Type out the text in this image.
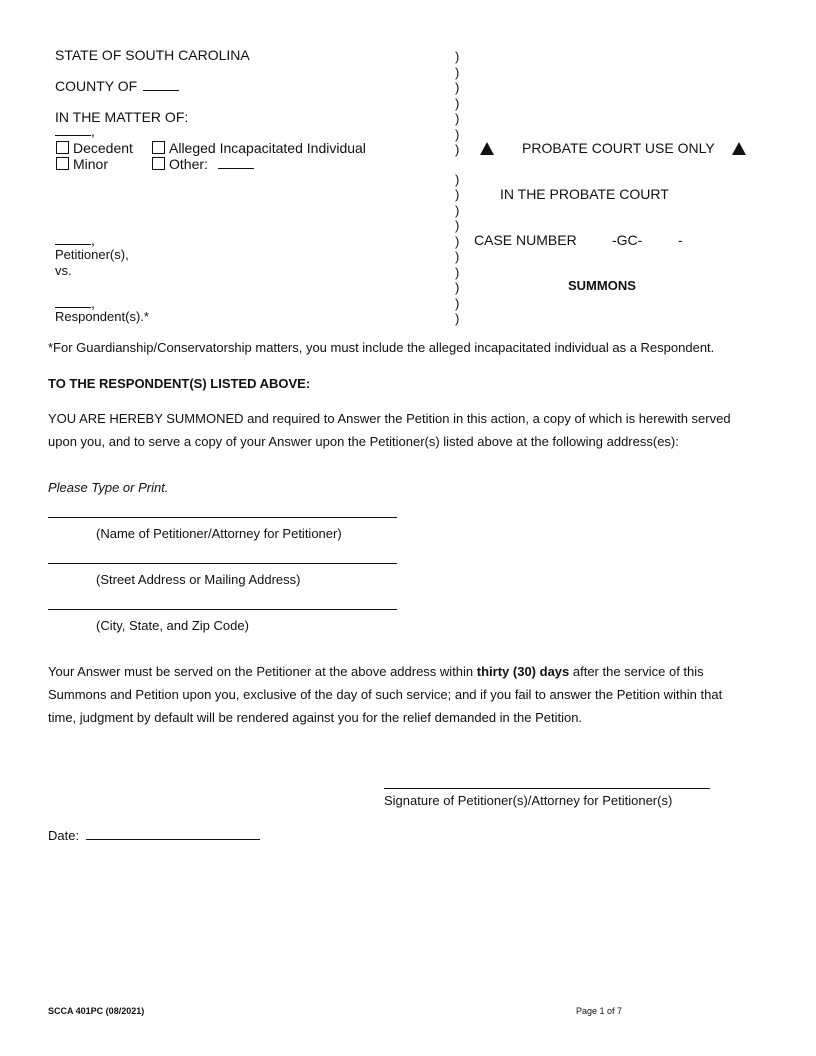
STATE OF SOUTH CAROLINA
COUNTY OF
IN THE MATTER OF:
,
Decedent	Alleged Incapacitated Individual
Minor	Other:
,
Petitioner(s),
vs.
,
Respondent(s).*
)
)
)
)
)
)
)
)
)
)
)
)
)
)
)
)
)
PROBATE COURT USE ONLY
IN THE PROBATE COURT
CASE NUMBER	-GC-	-
SUMMONS
*For Guardianship/Conservatorship matters, you must include the alleged incapacitated individual as a Respondent.
TO THE RESPONDENT(S) LISTED ABOVE:
YOU ARE HEREBY SUMMONED and required to Answer the Petition in this action, a copy of which is herewith served
upon you, and to serve a copy of your Answer upon the Petitioner(s) listed above at the following address(es):
Please Type or Print.
(Name of Petitioner/Attorney for Petitioner)
(Street Address or Mailing Address)
(City, State, and Zip Code)
Your Answer must be served on the Petitioner at the above address within thirty (30) days after the service of this
Summons and Petition upon you, exclusive of the day of such service; and if you fail to answer the Petition within that
time, judgment by default will be rendered against you for the relief demanded in the Petition.
Signature of Petitioner(s)/Attorney for Petitioner(s)
Date:
SCCA 401PC (08/2021)	Page 1 of 7
